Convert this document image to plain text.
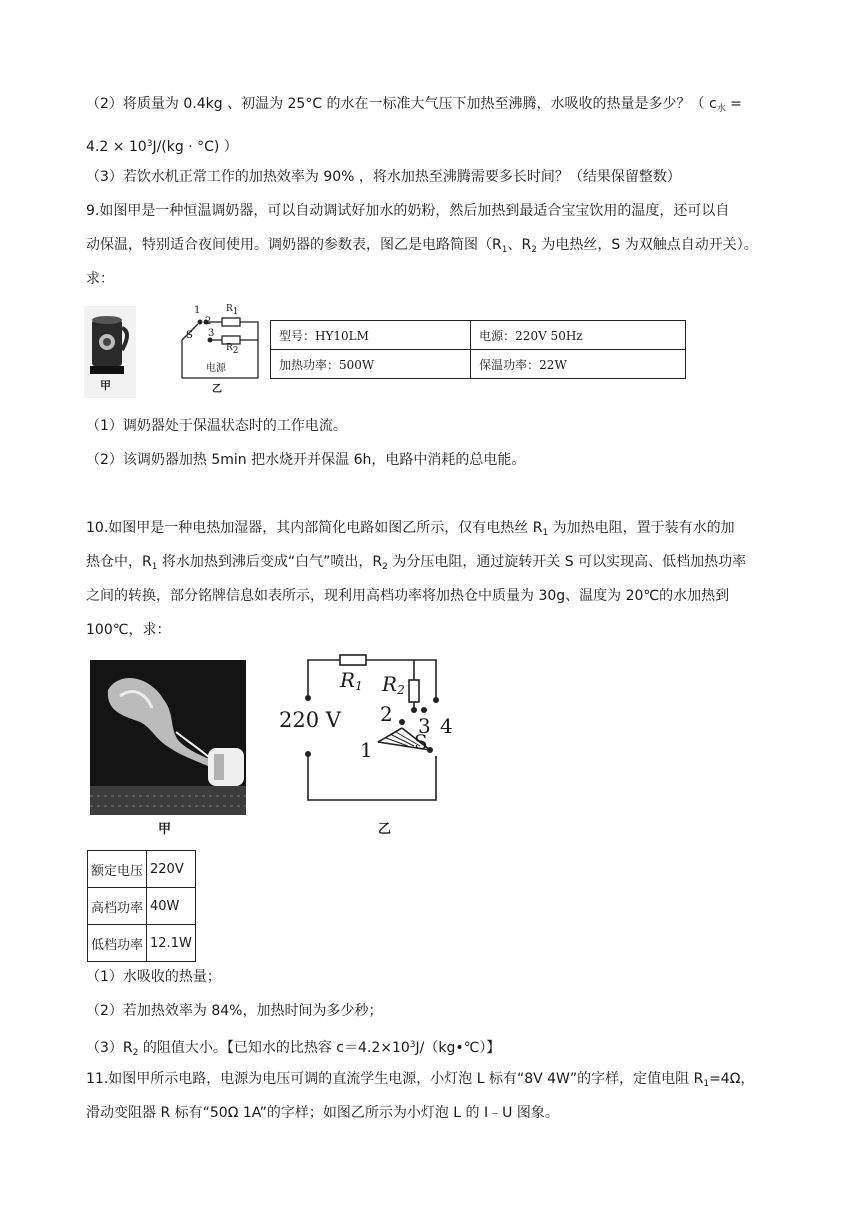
（2）将质量为 0.4kg 、初温为 25°C 的水在一标准大气压下加热至沸腾，水吸收的热量是多少？（ $c_水$ =
$4.2 \times 10^3J/(kg \cdot ^\circ C)$ ）
（3）若饮水机正常工作的加热效率为 90% ，将水加热至沸腾需要多长时间？（结果保留整数）
9.如图甲是一种恒温调奶器，可以自动调试好加水的奶粉，然后加热到最适合宝宝饮用的温度，还可以自
动保温，特别适合夜间使用。调奶器的参数表，图乙是电路简图（$R_1$、$R_2$ 为电热丝，S 为双触点自动开关）。
求：
甲
1
2
3
S
R1
R2
电源
乙
型号：HY10LM	电源：220V 50Hz
加热功率：500W	保温功率：22W
（1）调奶器处于保温状态时的工作电流。
（2）该调奶器加热 5min 把水烧开并保温 6h，电路中消耗的总电能。
10.如图甲是一种电热加湿器，其内部简化电路如图乙所示，仅有电热丝 $R_1$ 为加热电阻，置于装有水的加
热仓中，$R_1$ 将水加热到沸后变成“白气”喷出，$R_2$ 为分压电阻，通过旋转开关 S 可以实现高、低档加热功率
之间的转换，部分铭牌信息如表所示，现利用高档功率将加热仓中质量为 30g、温度为 20℃的水加热到
100℃，求：
甲
220 V
$R_1$ $R_2$
2 3 4
1 S
乙
额定电压	220V
高档功率	40W
低档功率	12.1W
（1）水吸收的热量；
（2）若加热效率为 84%，加热时间为多少秒；
$(3)R_2$ 的阻值大小。【已知水的比热容 $c=4.2\times 10^3J/(kg•℃)$】
11.如图甲所示电路，电源为电压可调的直流学生电源，小灯泡 L 标有“8V 4W”的字样，定值电阻 $R_1=4\Omega$，
滑动变阻器 R 标有“50Ω 1A”的字样；如图乙所示为小灯泡 L 的 I﹣U 图象。
